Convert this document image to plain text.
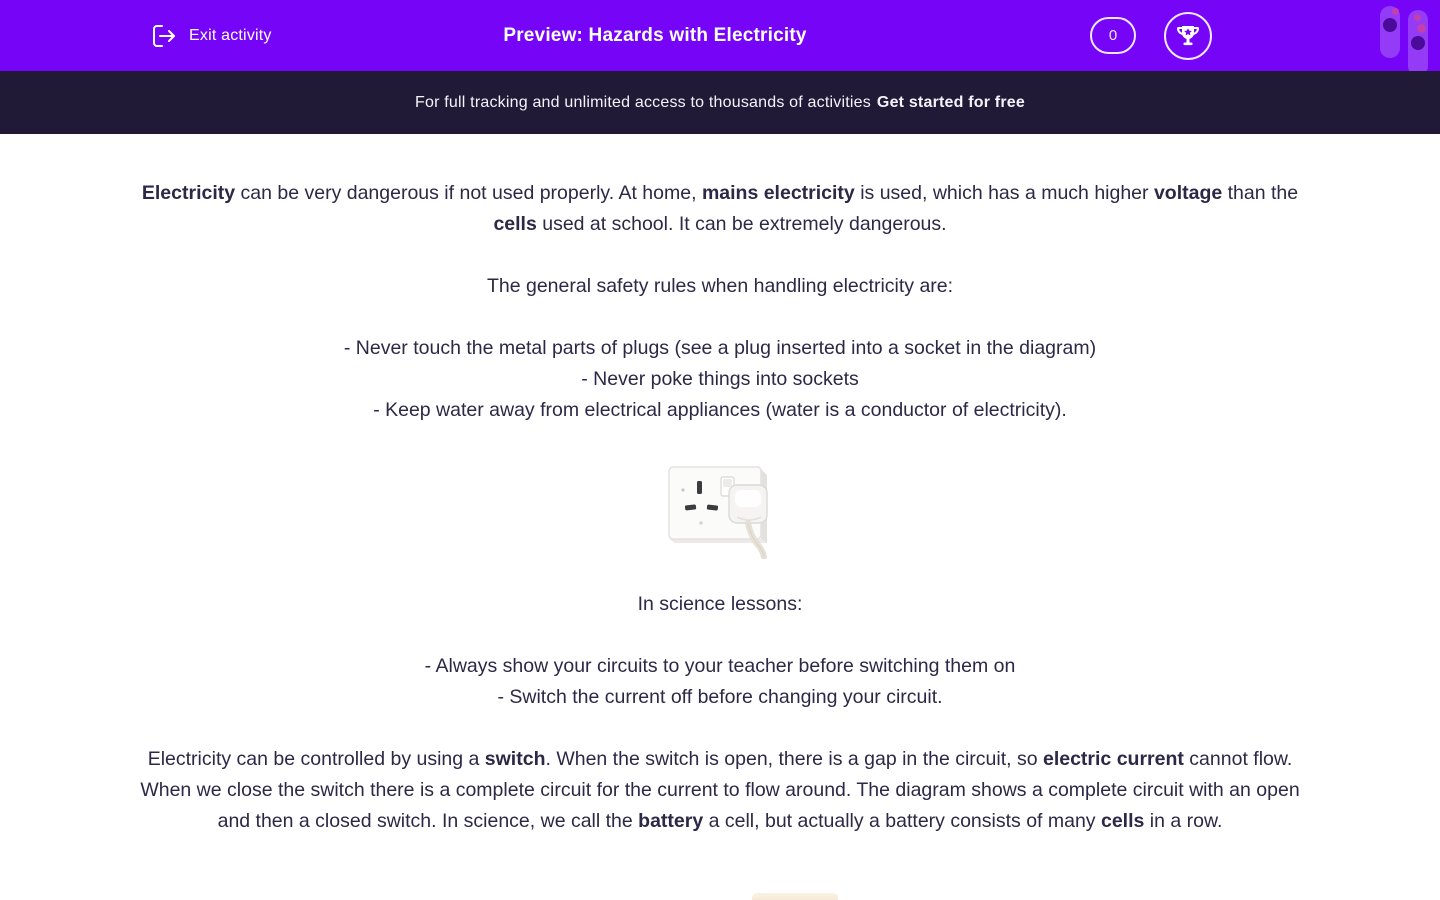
Exit activity	Preview: Hazards with Electricity	0
For full tracking and unlimited access to thousands of activities Get started for free

Electricity can be very dangerous if not used properly. At home, mains electricity is used, which has a much higher voltage than the cells used at school. It can be extremely dangerous.

The general safety rules when handling electricity are:

- Never touch the metal parts of plugs (see a plug inserted into a socket in the diagram)
- Never poke things into sockets
- Keep water away from electrical appliances (water is a conductor of electricity).

In science lessons:

- Always show your circuits to your teacher before switching them on
- Switch the current off before changing your circuit.

Electricity can be controlled by using a switch. When the switch is open, there is a gap in the circuit, so electric current cannot flow. When we close the switch there is a complete circuit for the current to flow around. The diagram shows a complete circuit with an open and then a closed switch. In science, we call the battery a cell, but actually a battery consists of many cells in a row.
